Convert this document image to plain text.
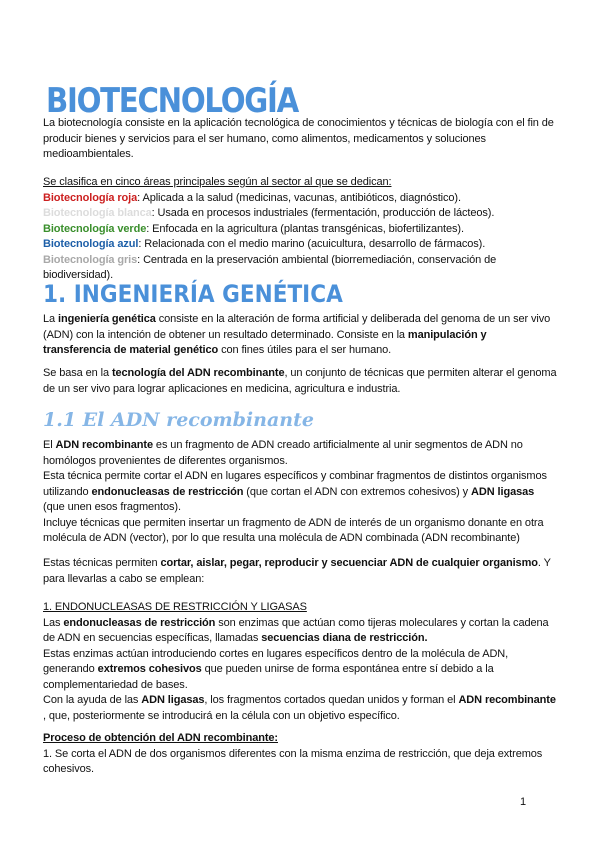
BIOTECNOLOGÍA

La biotecnología consiste en la aplicación tecnológica de conocimientos y técnicas de biología con el fin de
producir bienes y servicios para el ser humano, como alimentos, medicamentos y soluciones
medioambientales.

Se clasifica en cinco áreas principales según al sector al que se dedican:
Biotecnología roja: Aplicada a la salud (medicinas, vacunas, antibióticos, diagnóstico).
Biotecnología blanca: Usada en procesos industriales (fermentación, producción de lácteos).
Biotecnología verde: Enfocada en la agricultura (plantas transgénicas, biofertilizantes).
Biotecnología azul: Relacionada con el medio marino (acuicultura, desarrollo de fármacos).
Biotecnología gris: Centrada en la preservación ambiental (biorremediación, conservación de
biodiversidad).
1. INGENIERÍA GENÉTICA

La ingeniería genética consiste en la alteración de forma artificial y deliberada del genoma de un ser vivo
(ADN) con la intención de obtener un resultado determinado. Consiste en la manipulación y
transferencia de material genético con fines útiles para el ser humano.

Se basa en la tecnología del ADN recombinante, un conjunto de técnicas que permiten alterar el genoma
de un ser vivo para lograr aplicaciones en medicina, agricultura e industria.

1.1 El ADN recombinante

El ADN recombinante es un fragmento de ADN creado artificialmente al unir segmentos de ADN no
homólogos provenientes de diferentes organismos.
Esta técnica permite cortar el ADN en lugares específicos y combinar fragmentos de distintos organismos
utilizando endonucleasas de restricción (que cortan el ADN con extremos cohesivos) y ADN ligasas
(que unen esos fragmentos).
Incluye técnicas que permiten insertar un fragmento de ADN de interés de un organismo donante en otra
molécula de ADN (vector), por lo que resulta una molécula de ADN combinada (ADN recombinante)

Estas técnicas permiten cortar, aislar, pegar, reproducir y secuenciar ADN de cualquier organismo. Y
para llevarlas a cabo se emplean:

1. ENDONUCLEASAS DE RESTRICCIÓN Y LIGASAS
Las endonucleasas de restricción son enzimas que actúan como tijeras moleculares y cortan la cadena
de ADN en secuencias específicas, llamadas secuencias diana de restricción.
Estas enzimas actúan introduciendo cortes en lugares específicos dentro de la molécula de ADN,
generando extremos cohesivos que pueden unirse de forma espontánea entre sí debido a la
complementariedad de bases.
Con la ayuda de las ADN ligasas, los fragmentos cortados quedan unidos y forman el ADN recombinante
, que, posteriormente se introducirá en la célula con un objetivo específico.

Proceso de obtención del ADN recombinante:
1. Se corta el ADN de dos organismos diferentes con la misma enzima de restricción, que deja extremos
cohesivos.

1
